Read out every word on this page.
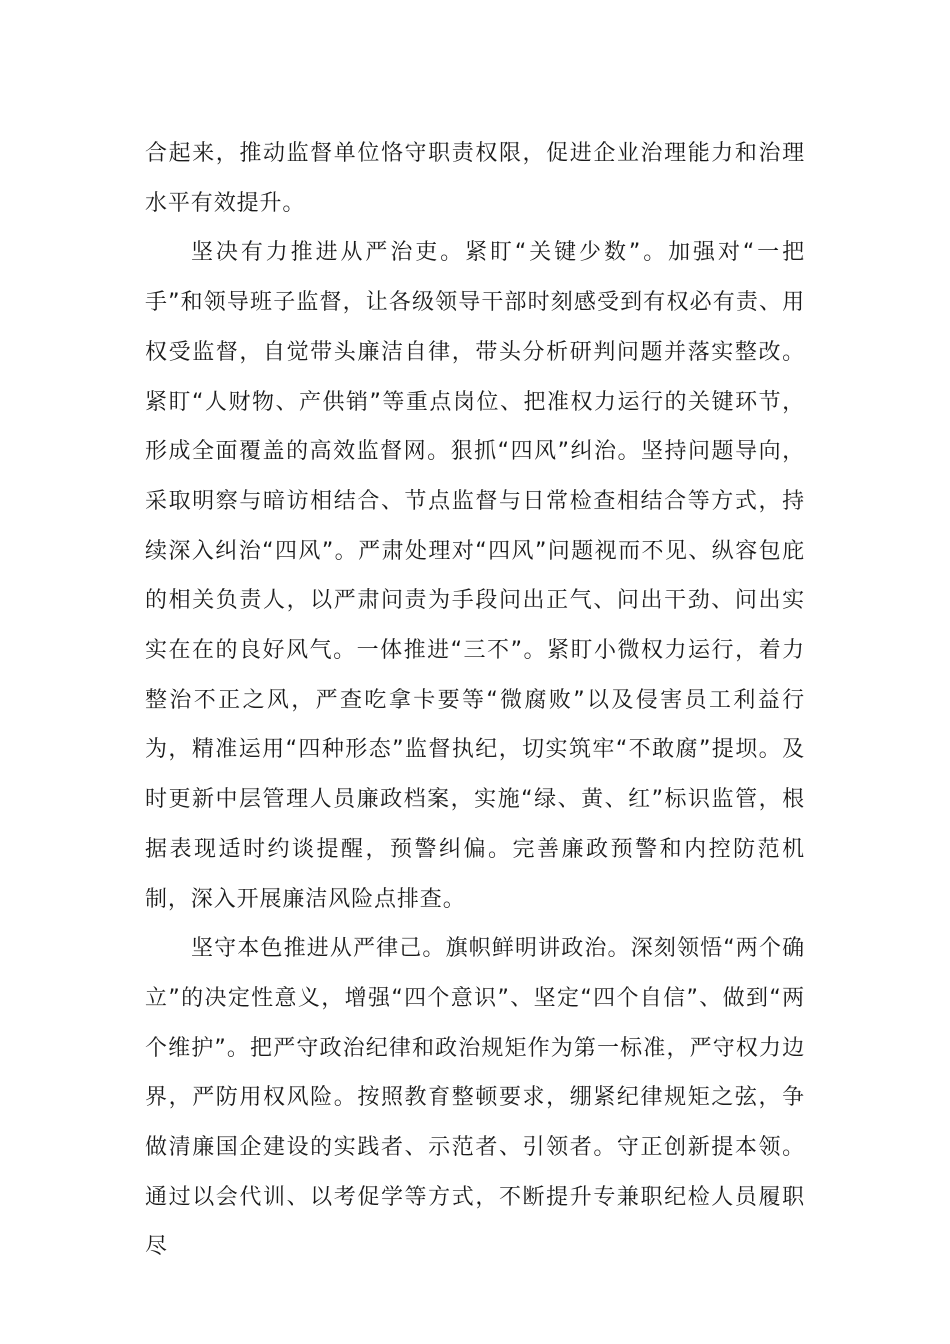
合起来，推动监督单位恪守职责权限，促进企业治理能力和治理水平有效提升。

坚决有力推进从严治吏。紧盯“关键少数”。加强对“一把手”和领导班子监督，让各级领导干部时刻感受到有权必有责、用权受监督，自觉带头廉洁自律，带头分析研判问题并落实整改。紧盯“人财物、产供销”等重点岗位、把准权力运行的关键环节，形成全面覆盖的高效监督网。狠抓“四风”纠治。坚持问题导向，采取明察与暗访相结合、节点监督与日常检查相结合等方式，持续深入纠治“四风”。严肃处理对“四风”问题视而不见、纵容包庇的相关负责人，以严肃问责为手段问出正气、问出干劲、问出实实在在的良好风气。一体推进“三不”。紧盯小微权力运行，着力整治不正之风，严查吃拿卡要等“微腐败”以及侵害员工利益行为，精准运用“四种形态”监督执纪，切实筑牢“不敢腐”提坝。及时更新中层管理人员廉政档案，实施“绿、黄、红”标识监管，根据表现适时约谈提醒，预警纠偏。完善廉政预警和内控防范机制，深入开展廉洁风险点排查。

坚守本色推进从严律己。旗帜鲜明讲政治。深刻领悟“两个确立”的决定性意义，增强“四个意识”、坚定“四个自信”、做到“两个维护”。把严守政治纪律和政治规矩作为第一标准，严守权力边界，严防用权风险。按照教育整顿要求，绷紧纪律规矩之弦，争做清廉国企建设的实践者、示范者、引领者。守正创新提本领。通过以会代训、以考促学等方式，不断提升专兼职纪检人员履职尽
